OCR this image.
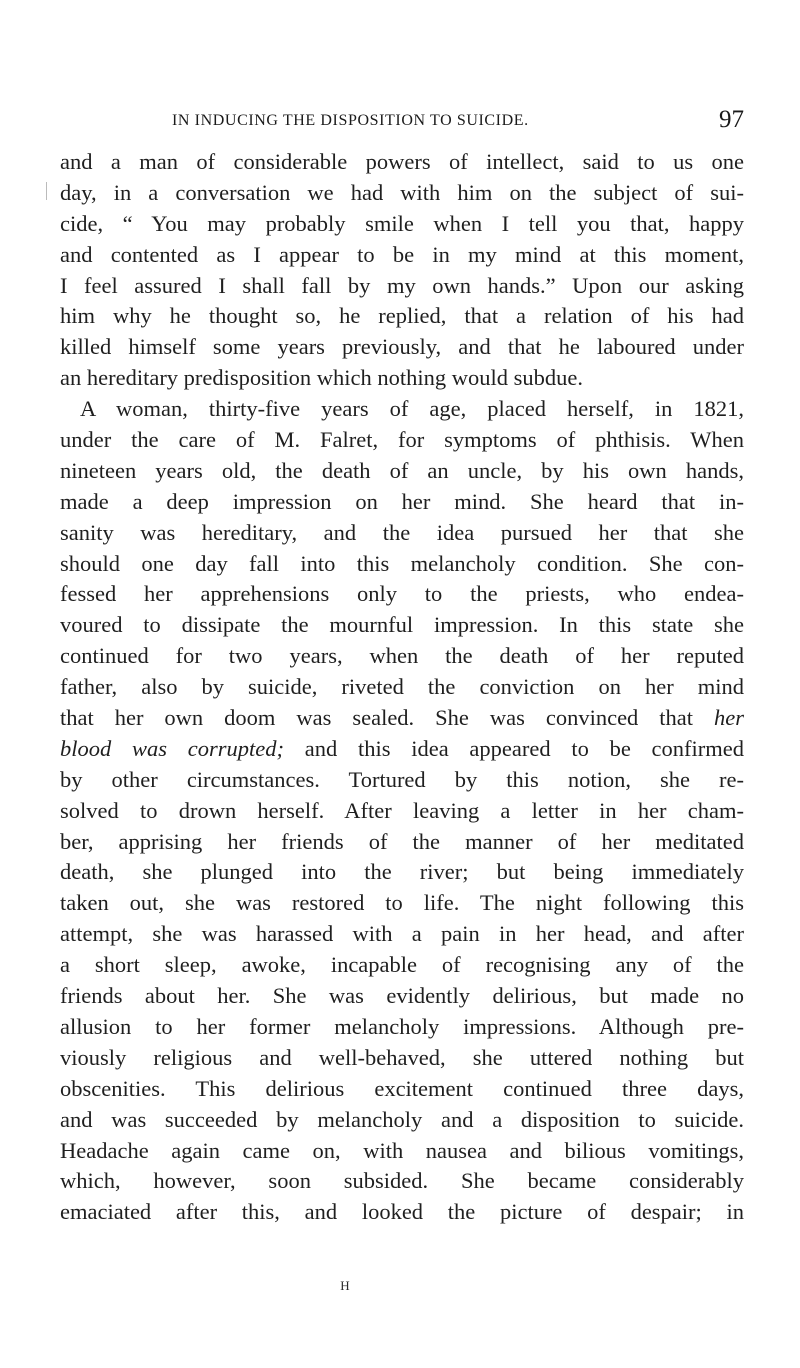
IN INDUCING THE DISPOSITION TO SUICIDE.	97
and a man of considerable powers of intellect, said to us one
day, in a conversation we had with him on the subject of sui-
cide, “ You may probably smile when I tell you that, happy
and contented as I appear to be in my mind at this moment,
I feel assured I shall fall by my own hands.” Upon our asking
him why he thought so, he replied, that a relation of his had
killed himself some years previously, and that he laboured under
an hereditary predisposition which nothing would subdue.
A woman, thirty-five years of age, placed herself, in 1821,
under the care of M. Falret, for symptoms of phthisis. When
nineteen years old, the death of an uncle, by his own hands,
made a deep impression on her mind. She heard that in-
sanity was hereditary, and the idea pursued her that she
should one day fall into this melancholy condition. She con-
fessed her apprehensions only to the priests, who endea-
voured to dissipate the mournful impression. In this state she
continued for two years, when the death of her reputed
father, also by suicide, riveted the conviction on her mind
that her own doom was sealed. She was convinced that her
blood was corrupted; and this idea appeared to be confirmed
by other circumstances. Tortured by this notion, she re-
solved to drown herself. After leaving a letter in her cham-
ber, apprising her friends of the manner of her meditated
death, she plunged into the river; but being immediately
taken out, she was restored to life. The night following this
attempt, she was harassed with a pain in her head, and after
a short sleep, awoke, incapable of recognising any of the
friends about her. She was evidently delirious, but made no
allusion to her former melancholy impressions. Although pre-
viously religious and well-behaved, she uttered nothing but
obscenities. This delirious excitement continued three days,
and was succeeded by melancholy and a disposition to suicide.
Headache again came on, with nausea and bilious vomitings,
which, however, soon subsided. She became considerably
emaciated after this, and looked the picture of despair; in
H
